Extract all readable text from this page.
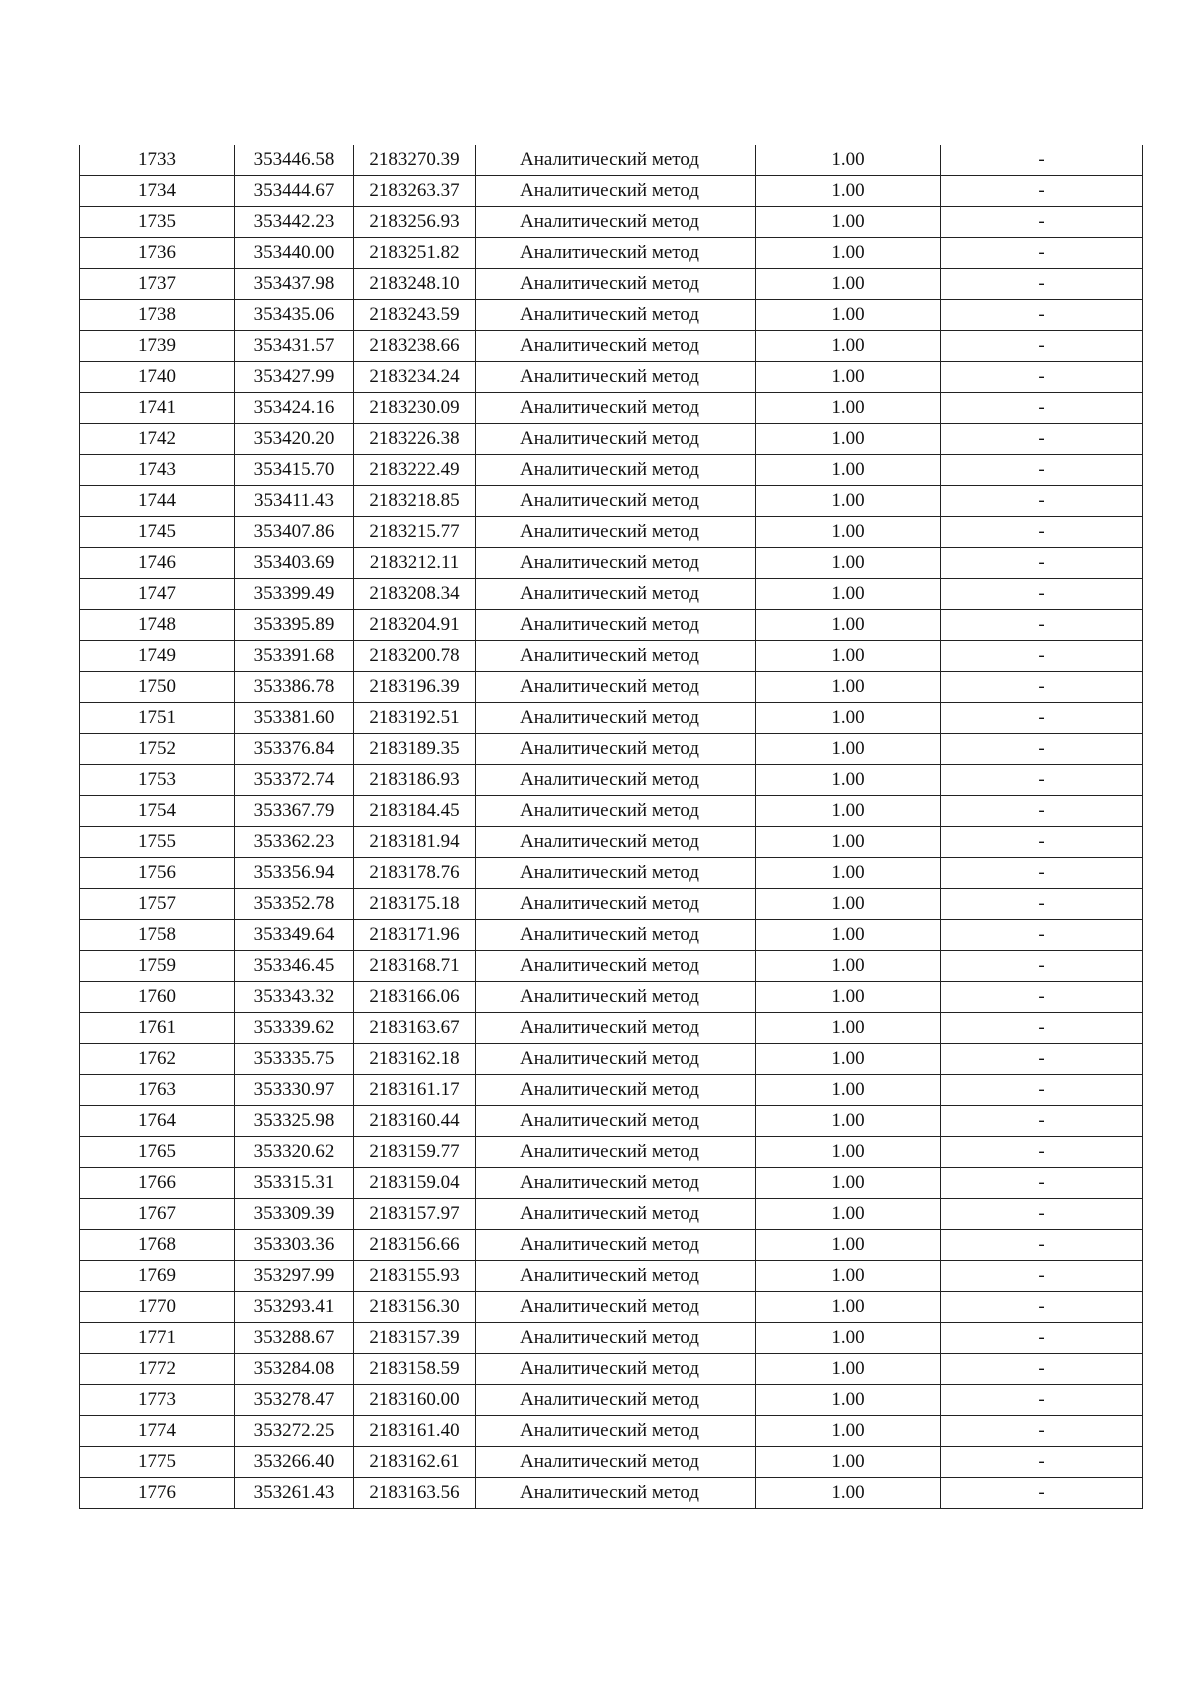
1733	353446.58	2183270.39	Аналитический метод	1.00	-
1734	353444.67	2183263.37	Аналитический метод	1.00	-
1735	353442.23	2183256.93	Аналитический метод	1.00	-
1736	353440.00	2183251.82	Аналитический метод	1.00	-
1737	353437.98	2183248.10	Аналитический метод	1.00	-
1738	353435.06	2183243.59	Аналитический метод	1.00	-
1739	353431.57	2183238.66	Аналитический метод	1.00	-
1740	353427.99	2183234.24	Аналитический метод	1.00	-
1741	353424.16	2183230.09	Аналитический метод	1.00	-
1742	353420.20	2183226.38	Аналитический метод	1.00	-
1743	353415.70	2183222.49	Аналитический метод	1.00	-
1744	353411.43	2183218.85	Аналитический метод	1.00	-
1745	353407.86	2183215.77	Аналитический метод	1.00	-
1746	353403.69	2183212.11	Аналитический метод	1.00	-
1747	353399.49	2183208.34	Аналитический метод	1.00	-
1748	353395.89	2183204.91	Аналитический метод	1.00	-
1749	353391.68	2183200.78	Аналитический метод	1.00	-
1750	353386.78	2183196.39	Аналитический метод	1.00	-
1751	353381.60	2183192.51	Аналитический метод	1.00	-
1752	353376.84	2183189.35	Аналитический метод	1.00	-
1753	353372.74	2183186.93	Аналитический метод	1.00	-
1754	353367.79	2183184.45	Аналитический метод	1.00	-
1755	353362.23	2183181.94	Аналитический метод	1.00	-
1756	353356.94	2183178.76	Аналитический метод	1.00	-
1757	353352.78	2183175.18	Аналитический метод	1.00	-
1758	353349.64	2183171.96	Аналитический метод	1.00	-
1759	353346.45	2183168.71	Аналитический метод	1.00	-
1760	353343.32	2183166.06	Аналитический метод	1.00	-
1761	353339.62	2183163.67	Аналитический метод	1.00	-
1762	353335.75	2183162.18	Аналитический метод	1.00	-
1763	353330.97	2183161.17	Аналитический метод	1.00	-
1764	353325.98	2183160.44	Аналитический метод	1.00	-
1765	353320.62	2183159.77	Аналитический метод	1.00	-
1766	353315.31	2183159.04	Аналитический метод	1.00	-
1767	353309.39	2183157.97	Аналитический метод	1.00	-
1768	353303.36	2183156.66	Аналитический метод	1.00	-
1769	353297.99	2183155.93	Аналитический метод	1.00	-
1770	353293.41	2183156.30	Аналитический метод	1.00	-
1771	353288.67	2183157.39	Аналитический метод	1.00	-
1772	353284.08	2183158.59	Аналитический метод	1.00	-
1773	353278.47	2183160.00	Аналитический метод	1.00	-
1774	353272.25	2183161.40	Аналитический метод	1.00	-
1775	353266.40	2183162.61	Аналитический метод	1.00	-
1776	353261.43	2183163.56	Аналитический метод	1.00	-
